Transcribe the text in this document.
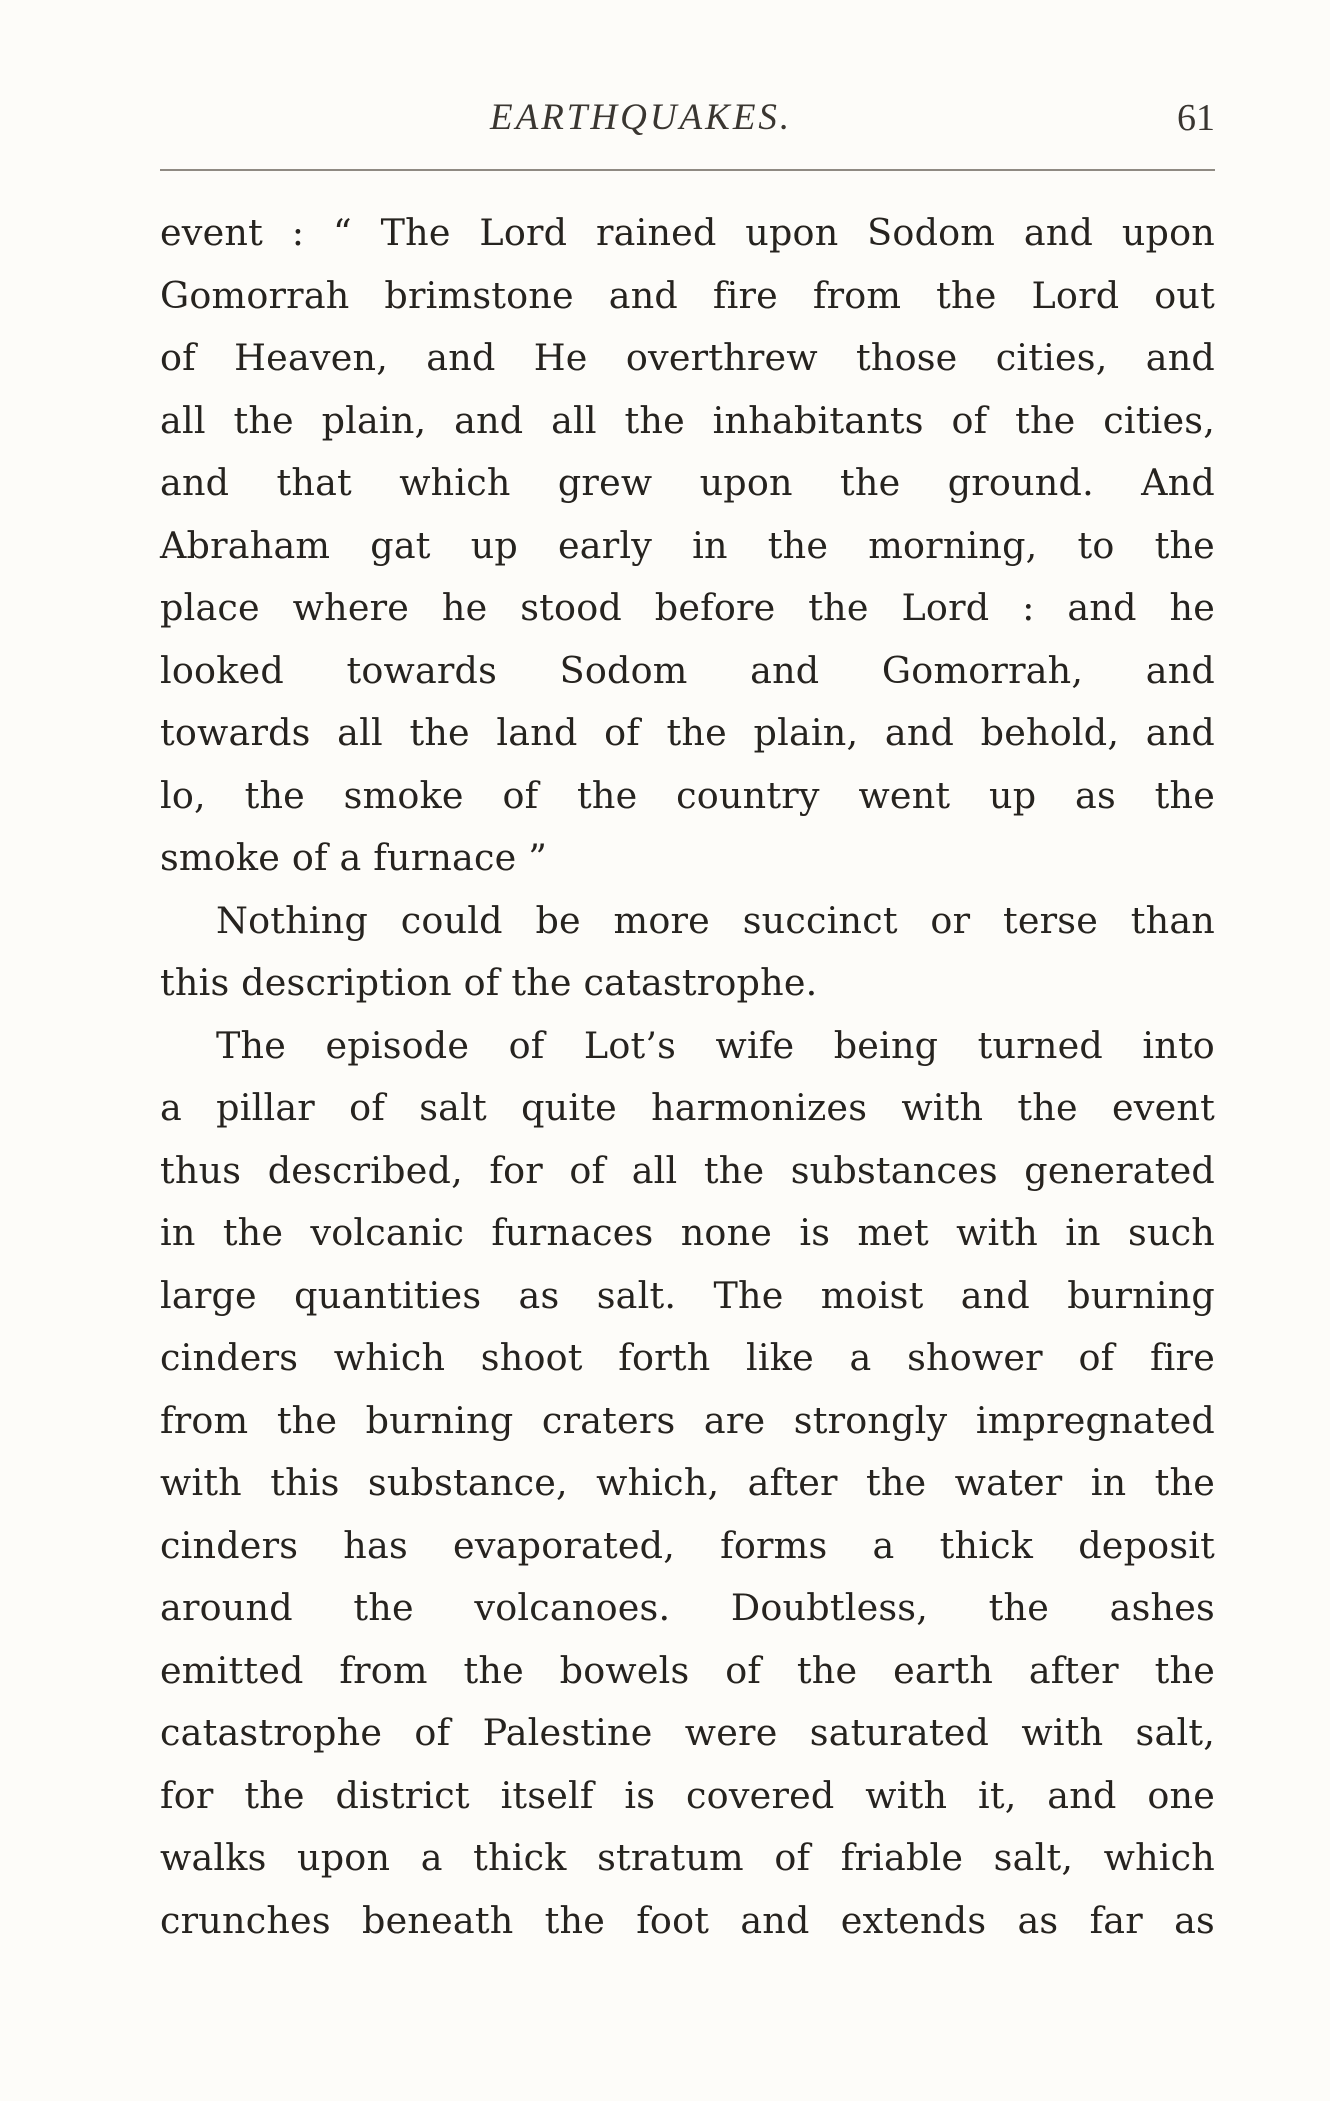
EARTHQUAKES.	61
event : “ The Lord rained upon Sodom and upon
Gomorrah brimstone and fire from the Lord out
of Heaven, and He overthrew those cities, and
all the plain, and all the inhabitants of the cities,
and that which grew upon the ground. And
Abraham gat up early in the morning, to the
place where he stood before the Lord : and he
looked towards Sodom and Gomorrah, and
towards all the land of the plain, and behold, and
lo, the smoke of the country went up as the
smoke of a furnace ”
Nothing could be more succinct or terse than
this description of the catastrophe.
The episode of Lot’s wife being turned into
a pillar of salt quite harmonizes with the event
thus described, for of all the substances generated
in the volcanic furnaces none is met with in such
large quantities as salt. The moist and burning
cinders which shoot forth like a shower of fire
from the burning craters are strongly impregnated
with this substance, which, after the water in the
cinders has evaporated, forms a thick deposit
around the volcanoes. Doubtless, the ashes
emitted from the bowels of the earth after the
catastrophe of Palestine were saturated with salt,
for the district itself is covered with it, and one
walks upon a thick stratum of friable salt, which
crunches beneath the foot and extends as far as
